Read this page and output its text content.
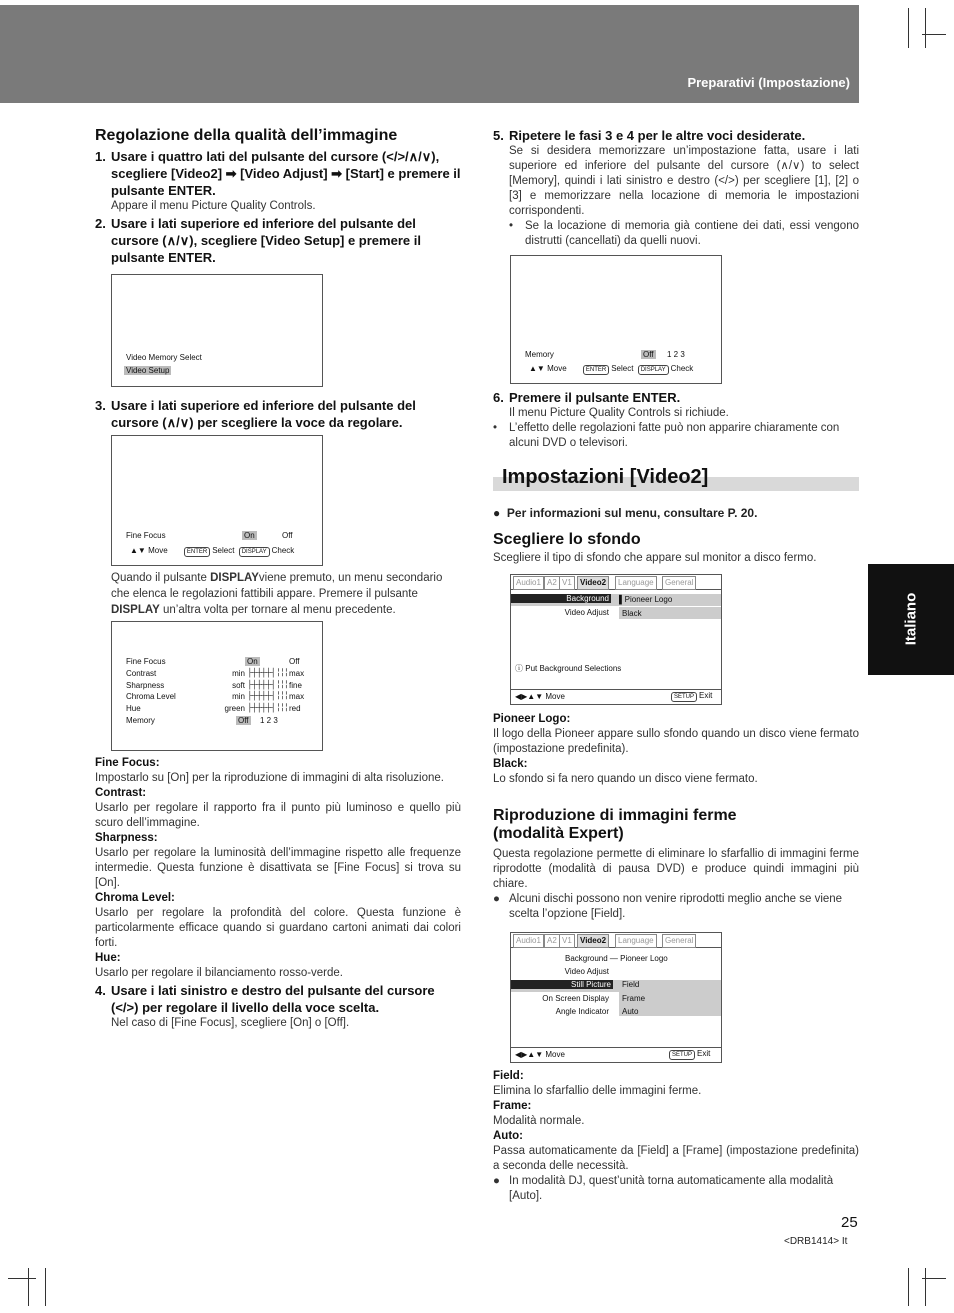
Preparativi (Impostazione)
Italiano
Regolazione della qualità dell’immagine
1. Usare i quattro lati del pulsante del cursore (</>/∧/∨), scegliere [Video2] ➡ [Video Adjust] ➡ [Start] e premere il pulsante ENTER.
Appare il menu Picture Quality Controls.
2. Usare i lati superiore ed inferiore del pulsante del cursore (∧/∨), scegliere [Video Setup] e premere il pulsante ENTER.
Video Memory Select
Video Setup
3. Usare i lati superiore ed inferiore del pulsante del cursore (∧/∨) per scegliere la voce da regolare.
Fine Focus	On	Off
▲▼ Move	ENTER Select DISPLAY Check
Quando il pulsante DISPLAYviene premuto, un menu secondario che elenca le regolazioni fattibili appare. Premere il pulsante DISPLAY un’altra volta per tornare al menu precedente.
Fine Focus	On	Off
Contrast	min ├┼┼┼┼┤ ╎╎╎ max
Sharpness	soft ├┼┼┼┼┤ ╎╎╎ fine
Chroma Level	min ├┼┼┼┼┤ ╎╎╎ max
Hue	green ├┼┼┼┼┤ ╎╎╎ red
Memory	Off 1 2 3
Fine Focus:
Impostarlo su [On] per la riproduzione di immagini di alta risoluzione.
Contrast:
Usarlo per regolare il rapporto fra il punto più luminoso e quello più scuro dell’immagine.
Sharpness:
Usarlo per regolare la luminosità dell’immagine rispetto alle frequenze intermedie. Questa funzione è disattivata se [Fine Focus] si trova su [On].
Chroma Level:
Usarlo per regolare la profondità del colore. Questa funzione è particolarmente efficace quando si guardano cartoni animati dai colori forti.
Hue:
Usarlo per regolare il bilanciamento rosso-verde.
4. Usare i lati sinistro e destro del pulsante del cursore (</>) per regolare il livello della voce scelta.
Nel caso di [Fine Focus], scegliere [On] o [Off].
5. Ripetere le fasi 3 e 4 per le altre voci desiderate.
Se si desidera memorizzare un’impostazione fatta, usare i lati superiore ed inferiore del pulsante del cursore (∧/∨) to select [Memory], quindi i lati sinistro e destro (</>) per scegliere [1], [2] o [3] e memorizzare nella locazione di memoria le impostazioni corrispondenti.
•	Se la locazione di memoria già contiene dei dati, essi vengono distrutti (cancellati) da quelli nuovi.
Memory	Off 1 2 3
▲▼ Move	ENTER Select DISPLAY Check
6. Premere il pulsante ENTER.
Il menu Picture Quality Controls si richiude.
•	L’effetto delle regolazioni fatte può non apparire chiaramente con alcuni DVD o televisori.
Impostazioni [Video2]
● Per informazioni sul menu, consultare P. 20.
Scegliere lo sfondo
Scegliere il tipo di sfondo che appare sul monitor a disco fermo.
Audio1 A2 V1	Video2	Language	General
Background ▌Pioneer Logo
Video Adjust Black
ⓘ Put Background Selections
◀▶▲▼ Move	SETUP Exit
Pioneer Logo:
Il logo della Pioneer appare sullo sfondo quando un disco viene fermato (impostazione predefinita).
Black:
Lo sfondo si fa nero quando un disco viene fermato.
Riproduzione di immagini ferme
(modalità Expert)
Questa regolazione permette di eliminare lo sfarfallio di immagini ferme riprodotte (modalità di pausa DVD) e produce quindi immagini più chiare.
● Alcuni dischi possono non venire riprodotti meglio anche se viene scelta l’opzione [Field].
Audio1 A2 V1	Video2	Language	General
Background — Pioneer Logo
Video Adjust
Still Picture Field
On Screen Display Frame
Angle Indicator Auto
◀▶▲▼ Move	SETUP Exit
Field:
Elimina lo sfarfallio delle immagini ferme.
Frame:
Modalità normale.
Auto:
Passa automaticamente da [Field] a [Frame] (impostazione predefinita) a seconda delle necessità.
● In modalità DJ, quest’unità torna automaticamente alla modalità [Auto].
25
<DRB1414> It
